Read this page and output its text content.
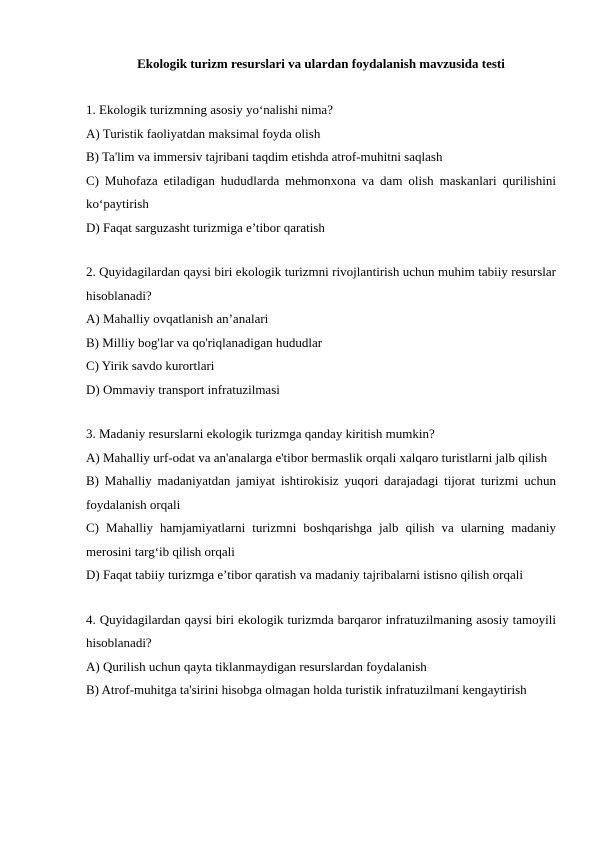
Ekologik turizm resurslari va ulardan foydalanish mavzusida testi

1. Ekologik turizmning asosiy yo‘nalishi nima?

A) Turistik faoliyatdan maksimal foyda olish

B) Ta'lim va immersiv tajribani taqdim etishda atrof-muhitni saqlash

C) Muhofaza etiladigan hududlarda mehmonxona va dam olish maskanlari qurilishini ko‘paytirish

D) Faqat sarguzasht turizmiga e’tibor qaratish

2. Quyidagilardan qaysi biri ekologik turizmni rivojlantirish uchun muhim tabiiy resurslar hisoblanadi?

A) Mahalliy ovqatlanish an’analari

B) Milliy bog'lar va qo'riqlanadigan hududlar

C) Yirik savdo kurortlari

D) Ommaviy transport infratuzilmasi

3. Madaniy resurslarni ekologik turizmga qanday kiritish mumkin?

A) Mahalliy urf-odat va an'analarga e'tibor bermaslik orqali xalqaro turistlarni jalb qilish

B) Mahalliy madaniyatdan jamiyat ishtirokisiz yuqori darajadagi tijorat turizmi uchun foydalanish orqali

C) Mahalliy hamjamiyatlarni turizmni boshqarishga jalb qilish va ularning madaniy merosini targ‘ib qilish orqali

D) Faqat tabiiy turizmga e’tibor qaratish va madaniy tajribalarni istisno qilish orqali

4. Quyidagilardan qaysi biri ekologik turizmda barqaror infratuzilmaning asosiy tamoyili hisoblanadi?

A) Qurilish uchun qayta tiklanmaydigan resurslardan foydalanish

B) Atrof-muhitga ta'sirini hisobga olmagan holda turistik infratuzilmani kengaytirish
